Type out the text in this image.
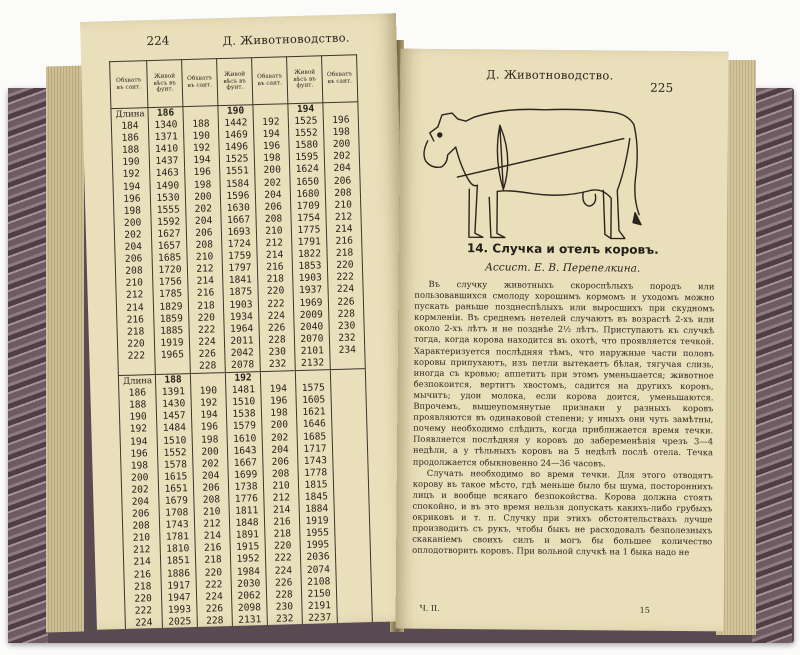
224	Д. Животноводство.
Обхватъ въ сант.	Живой вѣсъ въ фунт.	Обхватъ въ сант.	Живой вѣсъ въ фунт.	Обхватъ въ сант.	Живой вѣсъ въ фунт.	Обхватъ въ сант.
Длина	186		190		194	
184	1340	188	1442	192	1525	196
186	1371	190	1469	194	1552	198
188	1410	192	1496	196	1580	200
190	1437	194	1525	198	1595	202
192	1463	196	1551	200	1624	204
194	1490	198	1584	202	1650	206
196	1530	200	1596	204	1680	208
198	1555	202	1630	206	1709	210
200	1592	204	1667	208	1754	212
202	1627	206	1693	210	1775	214
204	1657	208	1724	212	1791	216
206	1685	210	1759	214	1822	218
208	1720	212	1797	216	1853	220
210	1756	214	1841	218	1903	222
212	1785	216	1875	220	1937	224
214	1829	218	1903	222	1969	226
216	1859	220	1934	224	2009	228
218	1885	222	1964	226	2040	230
220	1919	224	2011	228	2070	232
222	1965	226	2042	230	2101	234
		228	2078	232	2132	
Длина	188		192			
186	1391	190	1481	194	1575	
188	1430	192	1510	196	1605	
190	1457	194	1538	198	1621	
192	1484	196	1579	200	1646	
194	1510	198	1610	202	1685	
196	1552	200	1643	204	1717	
198	1578	202	1667	206	1743	
200	1615	204	1699	208	1778	
202	1651	206	1738	210	1815	
204	1679	208	1776	212	1845	
206	1708	210	1811	214	1884	
208	1743	212	1848	216	1919	
210	1781	214	1891	218	1955	
212	1810	216	1915	220	1995	
214	1851	218	1952	222	2036	
216	1886	220	1984	224	2074	
218	1917	222	2030	226	2108	
220	1947	224	2062	228	2150	
222	1993	226	2098	230	2191	
224	2025	228	2131	232	2237	
Д. Животноводство.
225
14. Случка и отелъ коровъ.
Ассист. Е. В. Перепелкина.

Въ случку животныхъ скороспѣлыхъ породъ или пользовавшихся смолоду хорошимъ кормомъ и уходомъ можно пускать раньше позднеспѣлыхъ или выросшихъ при скудномъ кормленіи. Въ среднемъ нетелей случаютъ въ возрастѣ 2-хъ или около 2-хъ лѣтъ и не позднѣе 2½ лѣтъ. Приступаютъ къ случкѣ тогда, когда корова находится въ охотѣ, что проявляется течкой. Характеризуется послѣдняя тѣмъ, что наружные части половъ коровы припухаютъ, изъ петли вытекаетъ бѣлая, тягучая слизь, иногда съ кровью; аппетитъ при этомъ уменьшается; животное безпокоится, вертитъ хвостомъ, садится на другихъ коровъ, мычитъ; удои молока, если корова доится, уменьшаются. Впрочемъ, вышеупомянутые признаки у разныхъ коровъ проявляются въ одинаковой степени; у иныхъ они чуть замѣтны, почему необходимо слѣдить, когда приближается время течки. Появляется послѣдняя у коровъ до забеременѣнія чрезъ 3—4 недѣли, а у тѣльныхъ коровъ на 5 недѣлѣ послѣ отела. Течка продолжается обыкновенно 24—36 часовъ.

Случать необходимо во время течки. Для этого отводятъ корову въ такое мѣсто, гдѣ меньше было бы шума, постороннихъ лицъ и вообще всякаго безпокойства. Корова должна стоять спокойно, и въ это время нельзя допускать какихъ-либо грубыхъ окриковъ и т. п. Случку при этихъ обстоятельствахъ лучше производить съ рукъ, чтобы быкъ не расходовалъ безполезныхъ скаканіемъ своихъ силъ и могъ бы большее количество оплодотворить коровъ. При вольной случкѣ на 1 быка надо не

Ч. II.	15
